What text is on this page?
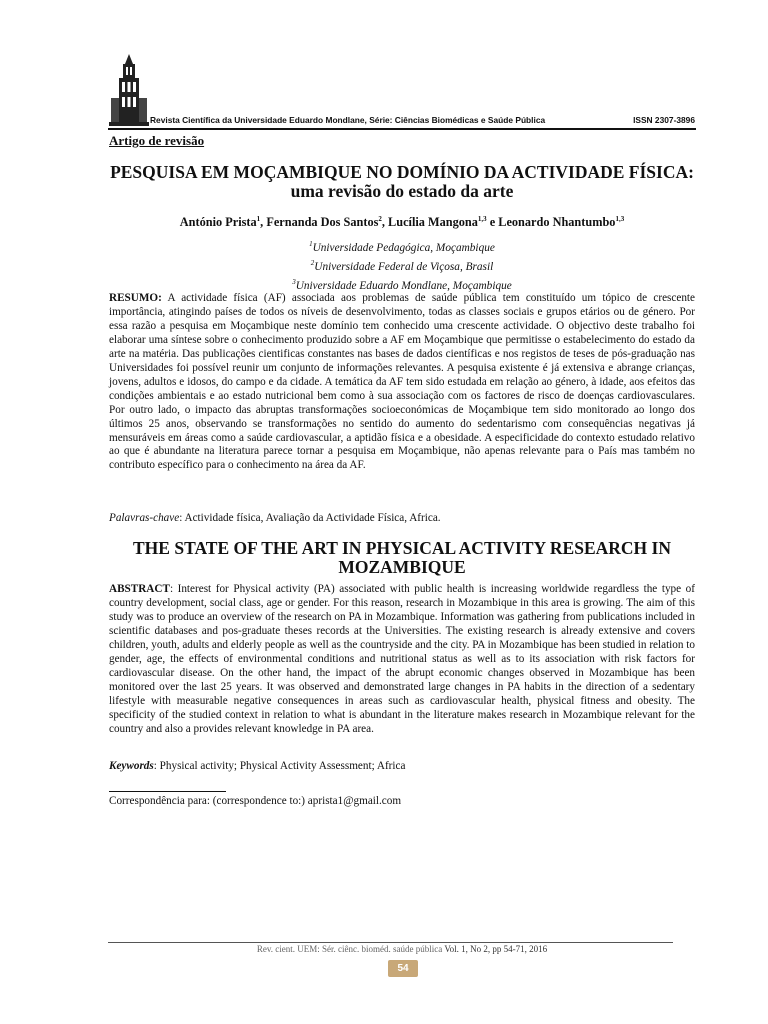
Revista Científica da Universidade Eduardo Mondlane, Série: Ciências Biomédicas e Saúde Pública	ISSN 2307-3896
Artigo de revisão
PESQUISA EM MOÇAMBIQUE NO DOMÍNIO DA ACTIVIDADE FÍSICA: uma revisão do estado da arte
António Prista$^1$, Fernanda Dos Santos$^2$, Lucília Mangona$^{1,3}$ e Leonardo Nhantumbo$^{1,3}$
$^1$Universidade Pedagógica, Moçambique
$^2$Universidade Federal de Viçosa, Brasil
$^3$Universidade Eduardo Mondlane, Moçambique

RESUMO: A actividade física (AF) associada aos problemas de saúde pública tem constituído um tópico de crescente importância, atingindo países de todos os níveis de desenvolvimento, todas as classes sociais e grupos etários ou de género. Por essa razão a pesquisa em Moçambique neste domínio tem conhecido uma crescente actividade. O objectivo deste trabalho foi elaborar uma síntese sobre o conhecimento produzido sobre a AF em Moçambique que permitisse o estabelecimento do estado da arte na matéria. Das publicações cientificas constantes nas bases de dados científicas e nos registos de teses de pós-graduação nas Universidades foi possível reunir um conjunto de informações relevantes. A pesquisa existente é já extensiva e abrange crianças, jovens, adultos e idosos, do campo e da cidade. A temática da AF tem sido estudada em relação ao género, à idade, aos efeitos das condições ambientais e ao estado nutricional bem como à sua associação com os factores de risco de doenças cardiovasculares. Por outro lado, o impacto das abruptas transformações socioeconómicas de Moçambique tem sido monitorado ao longo dos últimos 25 anos, observando se transformações no sentido do aumento do sedentarismo com consequências negativas já mensuráveis em áreas como a saúde cardiovascular, a aptidão física e a obesidade. A especificidade do contexto estudado relativo ao que é abundante na literatura parece tornar a pesquisa em Moçambique, não apenas relevante para o País mas também no contributo específico para o conhecimento na área da AF.

Palavras-chave: Actividade física, Avaliação da Actividade Física, Africa.
THE STATE OF THE ART IN PHYSICAL ACTIVITY RESEARCH IN MOZAMBIQUE

ABSTRACT: Interest for Physical activity (PA) associated with public health is increasing worldwide regardless the type of country development, social class, age or gender. For this reason, research in Mozambique in this area is growing. The aim of this study was to produce an overview of the research on PA in Mozambique. Information was gathering from publications included in scientific databases and pos-graduate theses records at the Universities. The existing research is already extensive and covers children, youth, adults and elderly people as well as the countryside and the city. PA in Mozambique has been studied in relation to gender, age, the effects of environmental conditions and nutritional status as well as to its association with risk factors for cardiovascular disease. On the other hand, the impact of the abrupt economic changes observed in Mozambique has been monitored over the last 25 years. It was observed and demonstrated large changes in PA habits in the direction of a sedentary lifestyle with measurable negative consequences in areas such as cardiovascular health, physical fitness and obesity. The specificity of the studied context in relation to what is abundant in the literature makes research in Mozambique relevant for the country and also a provides relevant knowledge in PA area.

Keywords: Physical activity; Physical Activity Assessment; Africa
Correspondência para: (correspondence to:) aprista1@gmail.com
Rev. cient. UEM: Sér. ciênc. bioméd. saúde pública Vol. 1, No 2, pp 54-71, 2016
54
